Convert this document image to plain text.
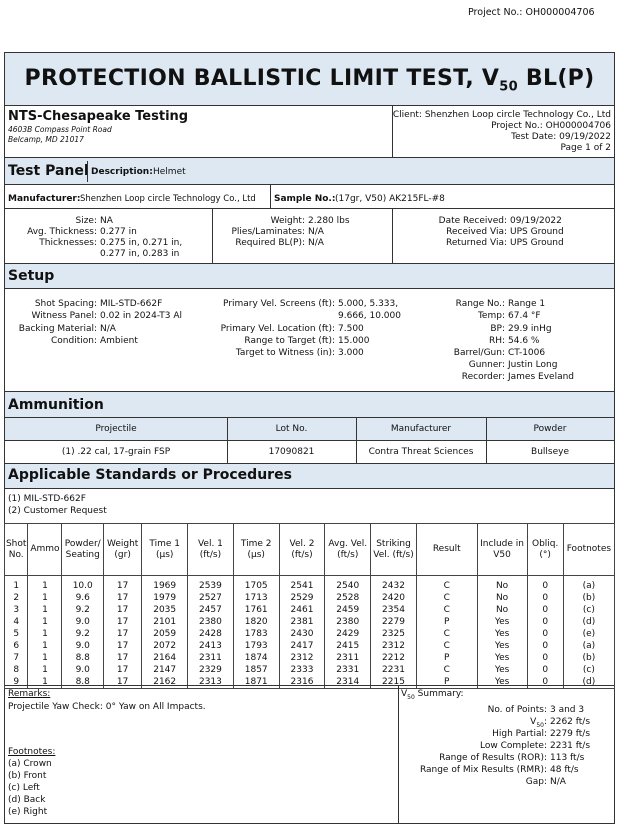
Project No.: OH000004706
PROTECTION BALLISTIC LIMIT TEST, $V_{50}$ BL(P)
NTS-Chesapeake Testing
4603B Compass Point Road
Belcamp, MD 21017
Client: Shenzhen Loop circle Technology Co., Ltd
Project No.: OH000004706
Test Date: 09/19/2022
Page 1 of 2
Test Panel Description: Helmet
Manufacturer: Shenzhen Loop circle Technology Co., Ltd Sample No.: (17gr, V50) AK215FL-#8
Size: NA
Avg. Thickness: 0.277 in
Thicknesses: 0.275 in, 0.271 in,
0.277 in, 0.283 in
Weight: 2.280 lbs
Plies/Laminates: N/A
Required BL(P): N/A
Date Received: 09/19/2022
Received Via: UPS Ground
Returned Via: UPS Ground
Setup
Shot Spacing: MIL-STD-662F
Witness Panel: 0.02 in 2024-T3 Al
Backing Material: N/A
Condition: Ambient
Primary Vel. Screens (ft): 5.000, 5.333,
9.666, 10.000
Primary Vel. Location (ft): 7.500
Range to Target (ft): 15.000
Target to Witness (in): 3.000
Range No.: Range 1
Temp: 67.4 °F
BP: 29.9 inHg
RH: 54.6 %
Barrel/Gun: CT-1006
Gunner: Justin Long
Recorder: James Eveland
Ammunition
Projectile	Lot No.	Manufacturer	Powder
(1) .22 cal, 17-grain FSP	17090821	Contra Threat Sciences	Bullseye
Applicable Standards or Procedures
(1) MIL-STD-662F
(2) Customer Request
Shot No.	Ammo	Powder/ Seating	Weight (gr)	Time 1 (µs)	Vel. 1 (ft/s)	Time 2 (µs)	Vel. 2 (ft/s)	Avg. Vel. (ft/s)	Striking Vel. (ft/s)	Result	Include in V50	Obliq. (°)	Footnotes
1	1	10.0	17	1969	2539	1705	2541	2540	2432	C	No	0	(a)
2	1	9.6	17	1979	2527	1713	2529	2528	2420	C	No	0	(b)
3	1	9.2	17	2035	2457	1761	2461	2459	2354	C	No	0	(c)
4	1	9.0	17	2101	2380	1820	2381	2380	2279	P	Yes	0	(d)
5	1	9.2	17	2059	2428	1783	2430	2429	2325	C	Yes	0	(e)
6	1	9.0	17	2072	2413	1793	2417	2415	2312	C	Yes	0	(a)
7	1	8.8	17	2164	2311	1874	2312	2311	2212	P	Yes	0	(b)
8	1	9.0	17	2147	2329	1857	2333	2331	2231	C	Yes	0	(c)
9	1	8.8	17	2162	2313	1871	2316	2314	2215	P	Yes	0	(d)
Remarks:
Projectile Yaw Check: 0° Yaw on All Impacts.
Footnotes:
(a) Crown
(b) Front
(c) Left
(d) Back
(e) Right
$V_{50}$ Summary:
No. of Points: 3 and 3
$V_{50}$: 2262 ft/s
High Partial: 2279 ft/s
Low Complete: 2231 ft/s
Range of Results (ROR): 113 ft/s
Range of Mix Results (RMR): 48 ft/s
Gap: N/A
